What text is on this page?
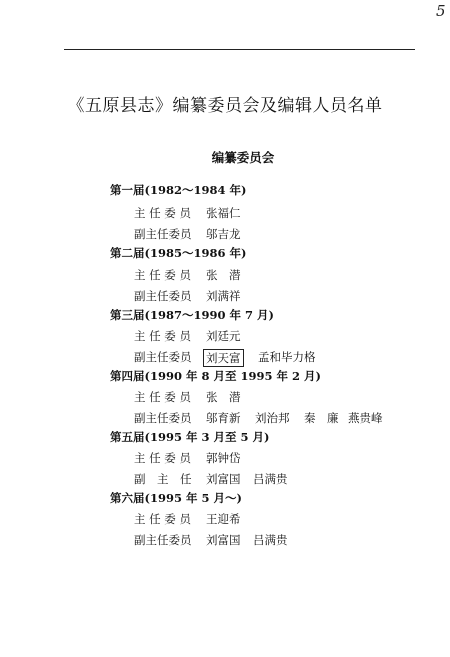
5
《五原县志》编纂委员会及编辑人员名单
编纂委员会
第一届(1982～1984 年)
主 任 委 员 张福仁
副主任委员 邬吉龙
第二届(1985～1986 年)
主 任 委 员 张　潜
副主任委员 刘满祥
第三届(1987～1990 年 7 月)
主 任 委 员 刘廷元
副主任委员 刘天富 孟和毕力格
第四届(1990 年 8 月至 1995 年 2 月)
主 任 委 员 张　潜
副主任委员 邬育新 刘治邦 秦　廉 燕贵峰
第五届(1995 年 3 月至 5 月)
主 任 委 员 郭钟岱
副　主　任 刘富国 吕满贵
第六届(1995 年 5 月～)
主 任 委 员 王迎希
副主任委员 刘富国 吕满贵
